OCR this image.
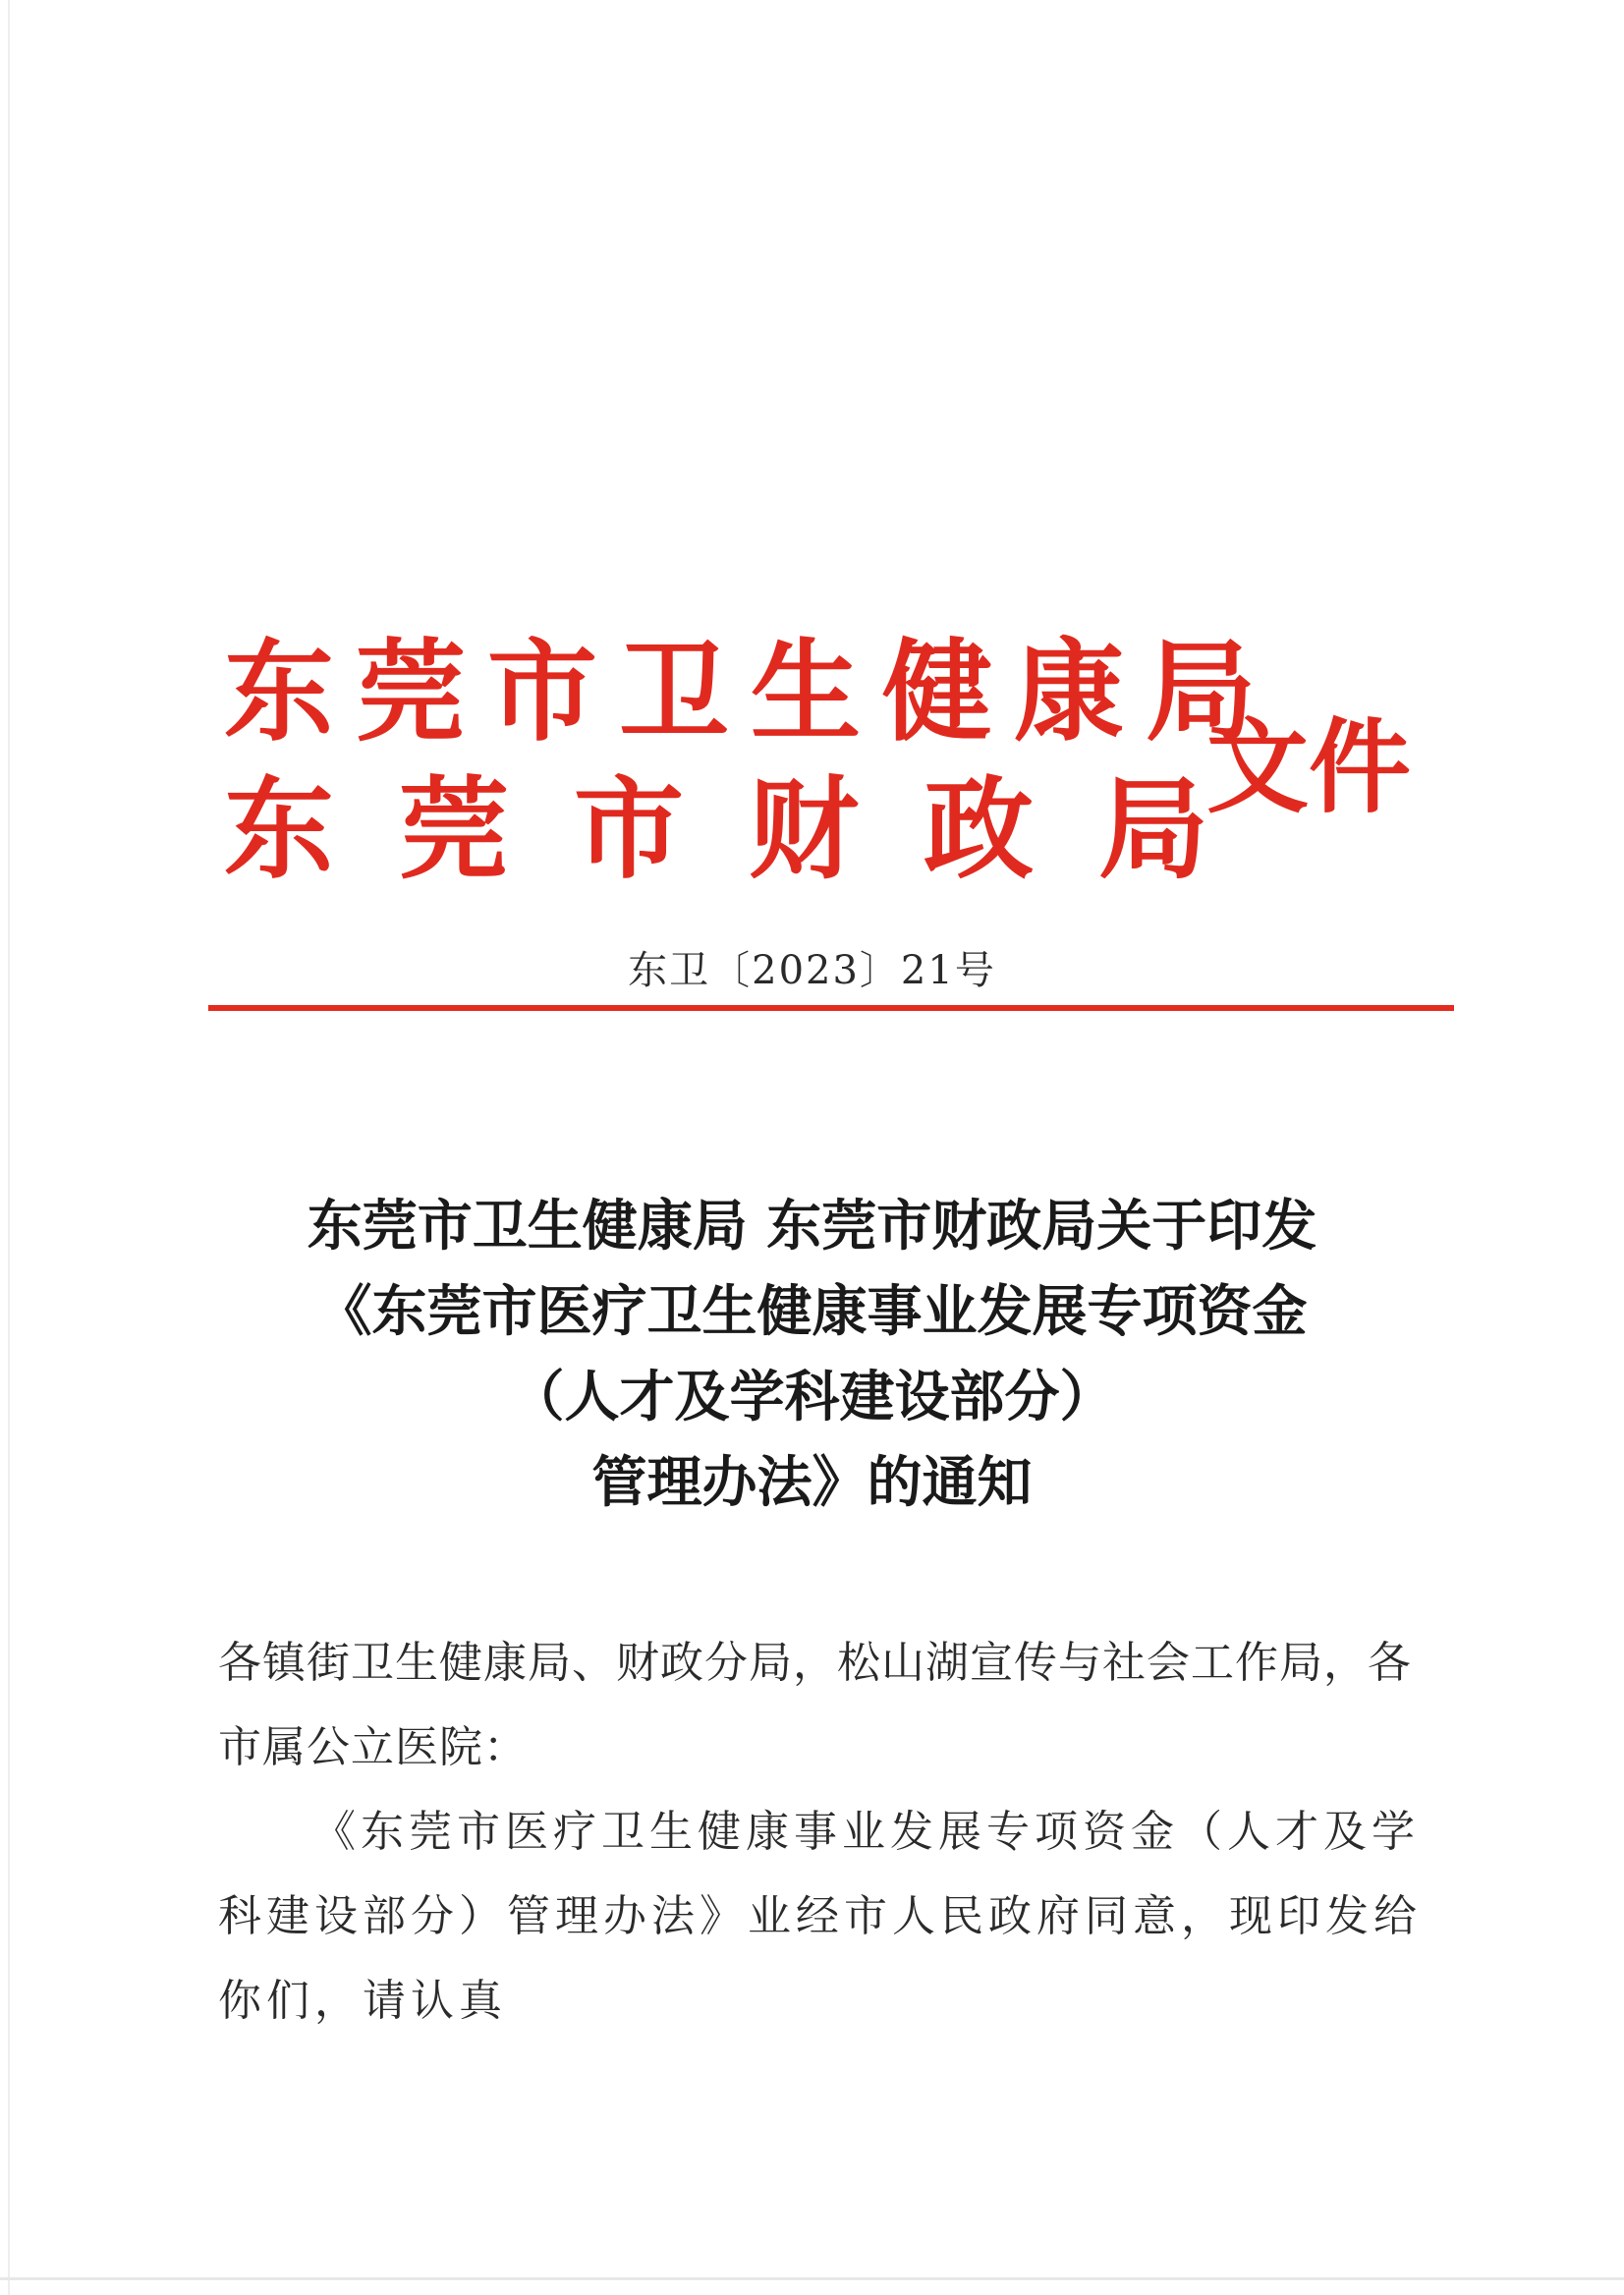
东莞市卫生健康局
东莞市财政局
文件
东卫〔2023〕21号
东莞市卫生健康局 东莞市财政局关于印发
《东莞市医疗卫生健康事业发展专项资金
（人才及学科建设部分）
管理办法》的通知
各镇街卫生健康局、财政分局，松山湖宣传与社会工作局，各市属公立医院：
《东莞市医疗卫生健康事业发展专项资金（人才及学科建设部分）管理办法》业经市人民政府同意，现印发给你们，请认真
